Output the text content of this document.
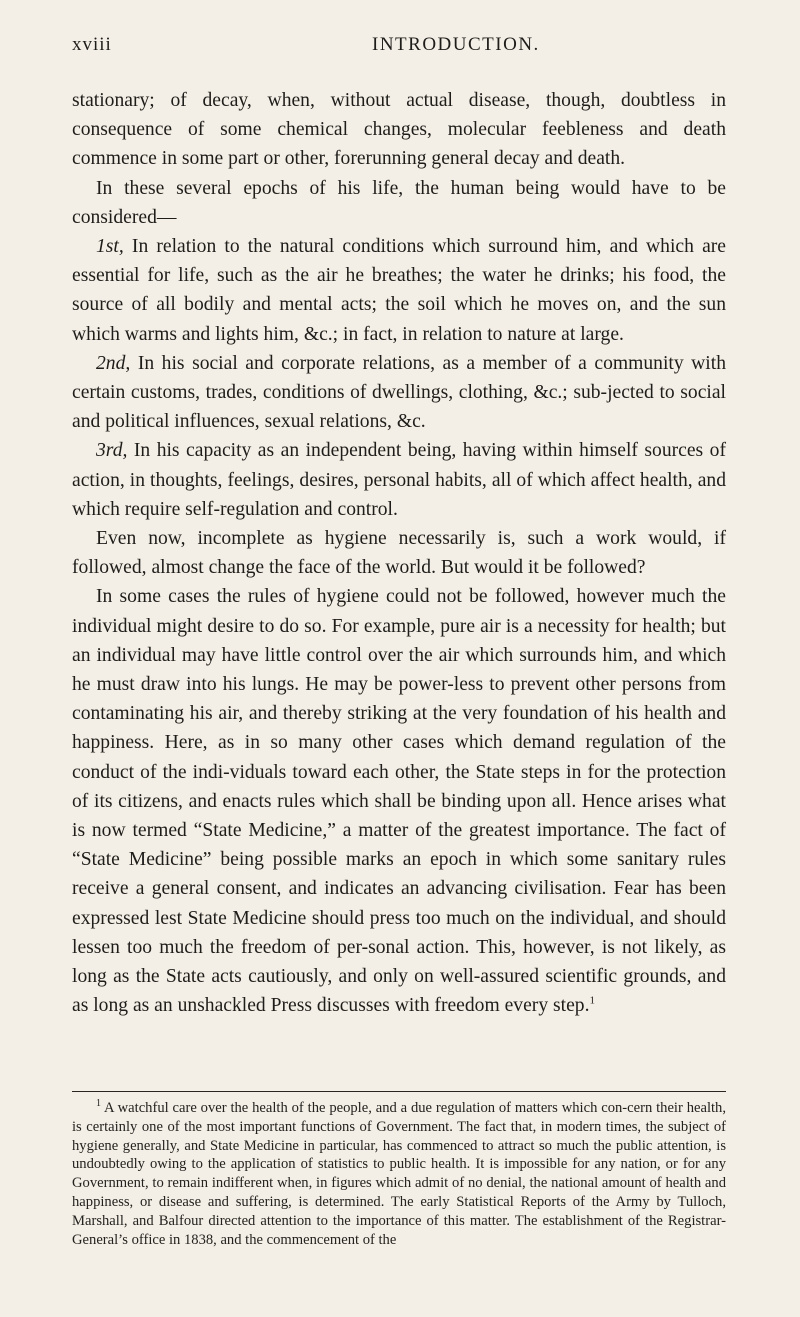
xviii	INTRODUCTION.

stationary; of decay, when, without actual disease, though, doubtless in consequence of some chemical changes, molecular feebleness and death commence in some part or other, forerunning general decay and death.

In these several epochs of his life, the human being would have to be considered—

1st, In relation to the natural conditions which surround him, and which are essential for life, such as the air he breathes; the water he drinks; his food, the source of all bodily and mental acts; the soil which he moves on, and the sun which warms and lights him, &c.; in fact, in relation to nature at large.

2nd, In his social and corporate relations, as a member of a community with certain customs, trades, conditions of dwellings, clothing, &c.; sub-jected to social and political influences, sexual relations, &c.

3rd, In his capacity as an independent being, having within himself sources of action, in thoughts, feelings, desires, personal habits, all of which affect health, and which require self-regulation and control.

Even now, incomplete as hygiene necessarily is, such a work would, if followed, almost change the face of the world. But would it be followed?

In some cases the rules of hygiene could not be followed, however much the individual might desire to do so. For example, pure air is a necessity for health; but an individual may have little control over the air which surrounds him, and which he must draw into his lungs. He may be power-less to prevent other persons from contaminating his air, and thereby striking at the very foundation of his health and happiness. Here, as in so many other cases which demand regulation of the conduct of the indi-viduals toward each other, the State steps in for the protection of its citizens, and enacts rules which shall be binding upon all. Hence arises what is now termed “State Medicine,” a matter of the greatest importance. The fact of “State Medicine” being possible marks an epoch in which some sanitary rules receive a general consent, and indicates an advancing civilisation. Fear has been expressed lest State Medicine should press too much on the individual, and should lessen too much the freedom of per-sonal action. This, however, is not likely, as long as the State acts cautiously, and only on well-assured scientific grounds, and as long as an unshackled Press discusses with freedom every step.$^1$

$^1$ A watchful care over the health of the people, and a due regulation of matters which con-cern their health, is certainly one of the most important functions of Government. The fact that, in modern times, the subject of hygiene generally, and State Medicine in particular, has commenced to attract so much the public attention, is undoubtedly owing to the application of statistics to public health. It is impossible for any nation, or for any Government, to remain indifferent when, in figures which admit of no denial, the national amount of health and happiness, or disease and suffering, is determined. The early Statistical Reports of the Army by Tulloch, Marshall, and Balfour directed attention to the importance of this matter. The establishment of the Registrar-General’s office in 1838, and the commencement of the
